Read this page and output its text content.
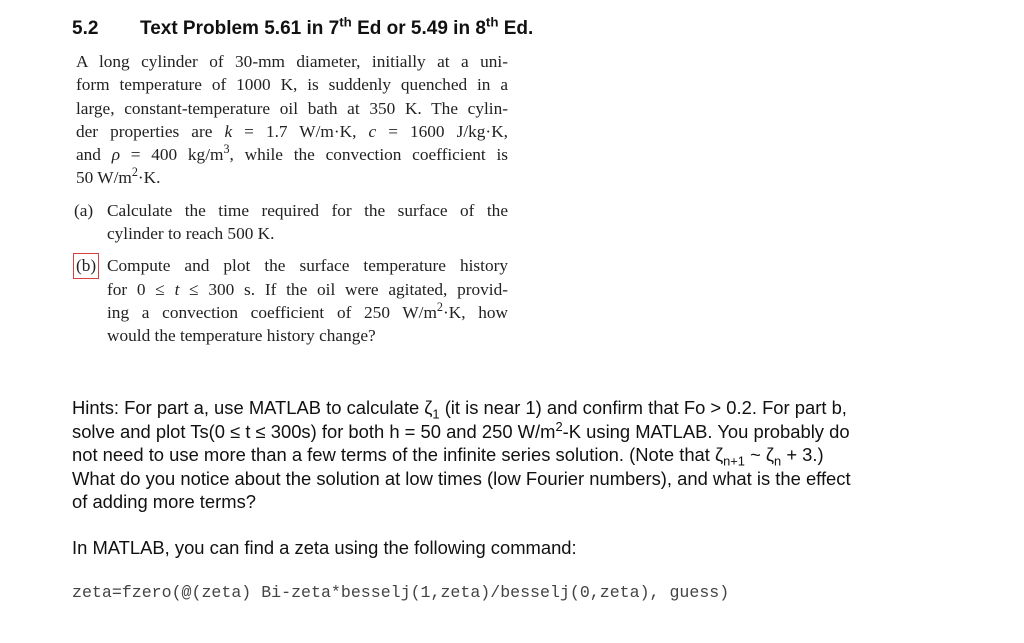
5.2 Text Problem 5.61 in 7th Ed or 5.49 in 8th Ed.
A long cylinder of 30-mm diameter, initially at a uni-
form temperature of 1000 K, is suddenly quenched in a
large, constant-temperature oil bath at 350 K. The cylin-
der properties are k = 1.7 W/m·K, c = 1600 J/kg·K,
and ρ = 400 $kg/m^3$, while the convection coefficient is
50 $W/m^2\cdot K$.
(a) Calculate the time required for the surface of the
cylinder to reach 500 K.
(b) Compute and plot the surface temperature history
for 0 ≤ t ≤ 300 s. If the oil were agitated, provid-
ing a convection coefficient of 250 $W/m^2\cdot K$, how
would the temperature history change?
Hints: For part a, use MATLAB to calculate $\zeta_1$ (it is near 1) and confirm that Fo > 0.2. For part b,
solve and plot Ts(0 ≤ t ≤ 300s) for both h = 50 and 250 $W/m^2-K$ using MATLAB. You probably do
not need to use more than a few terms of the infinite series solution. (Note that $\zeta_{n+1}$ ~ $\zeta_n + 3$.)
What do you notice about the solution at low times (low Fourier numbers), and what is the effect
of adding more terms?
In MATLAB, you can find a zeta using the following command:
zeta=fzero(@(zeta) Bi-zeta*besselj(1,zeta)/besselj(0,zeta), guess)
